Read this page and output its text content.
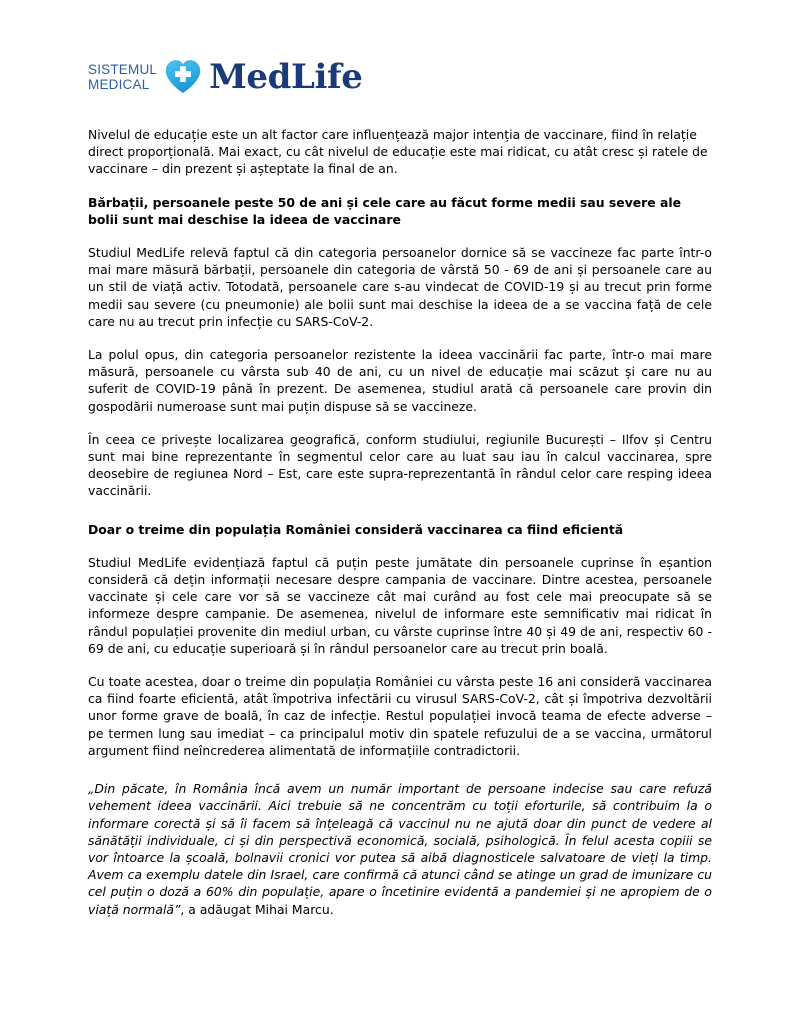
SISTEMUL
MEDICAL MedLife

Nivelul de educație este un alt factor care influențează major intenția de vaccinare, fiind în relație direct proporțională. Mai exact, cu cât nivelul de educație este mai ridicat, cu atât cresc și ratele de vaccinare – din prezent și așteptate la final de an.

Bărbații, persoanele peste 50 de ani și cele care au făcut forme medii sau severe ale bolii sunt mai deschise la ideea de vaccinare

Studiul MedLife relevă faptul că din categoria persoanelor dornice să se vaccineze fac parte într-o mai mare măsură bărbații, persoanele din categoria de vârstă 50 - 69 de ani și persoanele care au un stil de viață activ. Totodată, persoanele care s-au vindecat de COVID-19 și au trecut prin forme medii sau severe (cu pneumonie) ale bolii sunt mai deschise la ideea de a se vaccina față de cele care nu au trecut prin infecție cu SARS-CoV-2.

La polul opus, din categoria persoanelor rezistente la ideea vaccinării fac parte, într-o mai mare măsură, persoanele cu vârsta sub 40 de ani, cu un nivel de educație mai scăzut și care nu au suferit de COVID-19 până în prezent. De asemenea, studiul arată că persoanele care provin din gospodării numeroase sunt mai puțin dispuse să se vaccineze.

În ceea ce privește localizarea geografică, conform studiului, regiunile București – Ilfov și Centru sunt mai bine reprezentante în segmentul celor care au luat sau iau în calcul vaccinarea, spre deosebire de regiunea Nord – Est, care este supra-reprezentantă în rândul celor care resping ideea vaccinării.

Doar o treime din populația României consideră vaccinarea ca fiind eficientă

Studiul MedLife evidențiază faptul că puțin peste jumătate din persoanele cuprinse în eșantion consideră că dețin informații necesare despre campania de vaccinare. Dintre acestea, persoanele vaccinate și cele care vor să se vaccineze cât mai curând au fost cele mai preocupate să se informeze despre campanie. De asemenea, nivelul de informare este semnificativ mai ridicat în rândul populației provenite din mediul urban, cu vârste cuprinse între 40 și 49 de ani, respectiv 60 - 69 de ani, cu educație superioară și în rândul persoanelor care au trecut prin boală.

Cu toate acestea, doar o treime din populația României cu vârsta peste 16 ani consideră vaccinarea ca fiind foarte eficientă, atât împotriva infectării cu virusul SARS-CoV-2, cât și împotriva dezvoltării unor forme grave de boală, în caz de infecție. Restul populației invocă teama de efecte adverse – pe termen lung sau imediat – ca principalul motiv din spatele refuzului de a se vaccina, următorul argument fiind neîncrederea alimentată de informațiile contradictorii.

„Din păcate, în România încă avem un număr important de persoane indecise sau care refuză vehement ideea vaccinării. Aici trebuie să ne concentrăm cu toții eforturile, să contribuim la o informare corectă și să îi facem să înțeleagă că vaccinul nu ne ajută doar din punct de vedere al sănătății individuale, ci și din perspectivă economică, socială, psihologică. În felul acesta copiii se vor întoarce la școală, bolnavii cronici vor putea să aibă diagnosticele salvatoare de vieți la timp. Avem ca exemplu datele din Israel, care confirmă că atunci când se atinge un grad de imunizare cu cel puțin o doză a 60% din populație, apare o încetinire evidentă a pandemiei și ne apropiem de o viață normală”, a adăugat Mihai Marcu.
